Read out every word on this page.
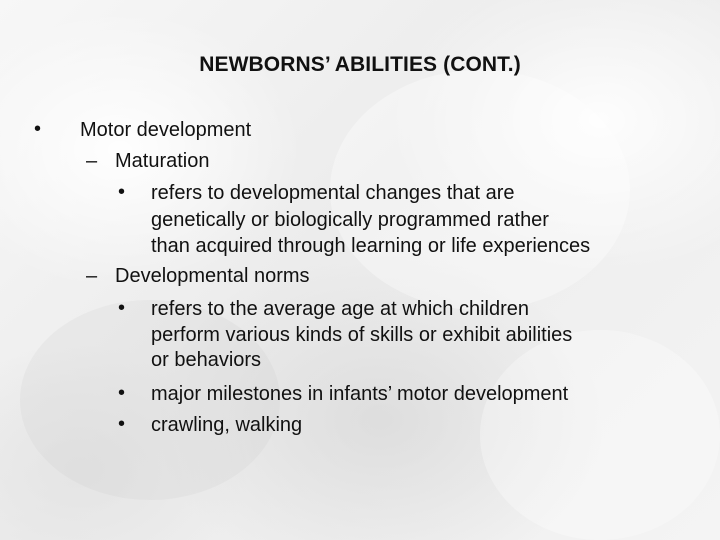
NEWBORNS’ ABILITIES (CONT.)
• Motor development
– Maturation
• refers to developmental changes that are
genetically or biologically programmed rather
than acquired through learning or life experiences
– Developmental norms
• refers to the average age at which children
perform various kinds of skills or exhibit abilities
or behaviors
• major milestones in infants’ motor development
• crawling, walking
